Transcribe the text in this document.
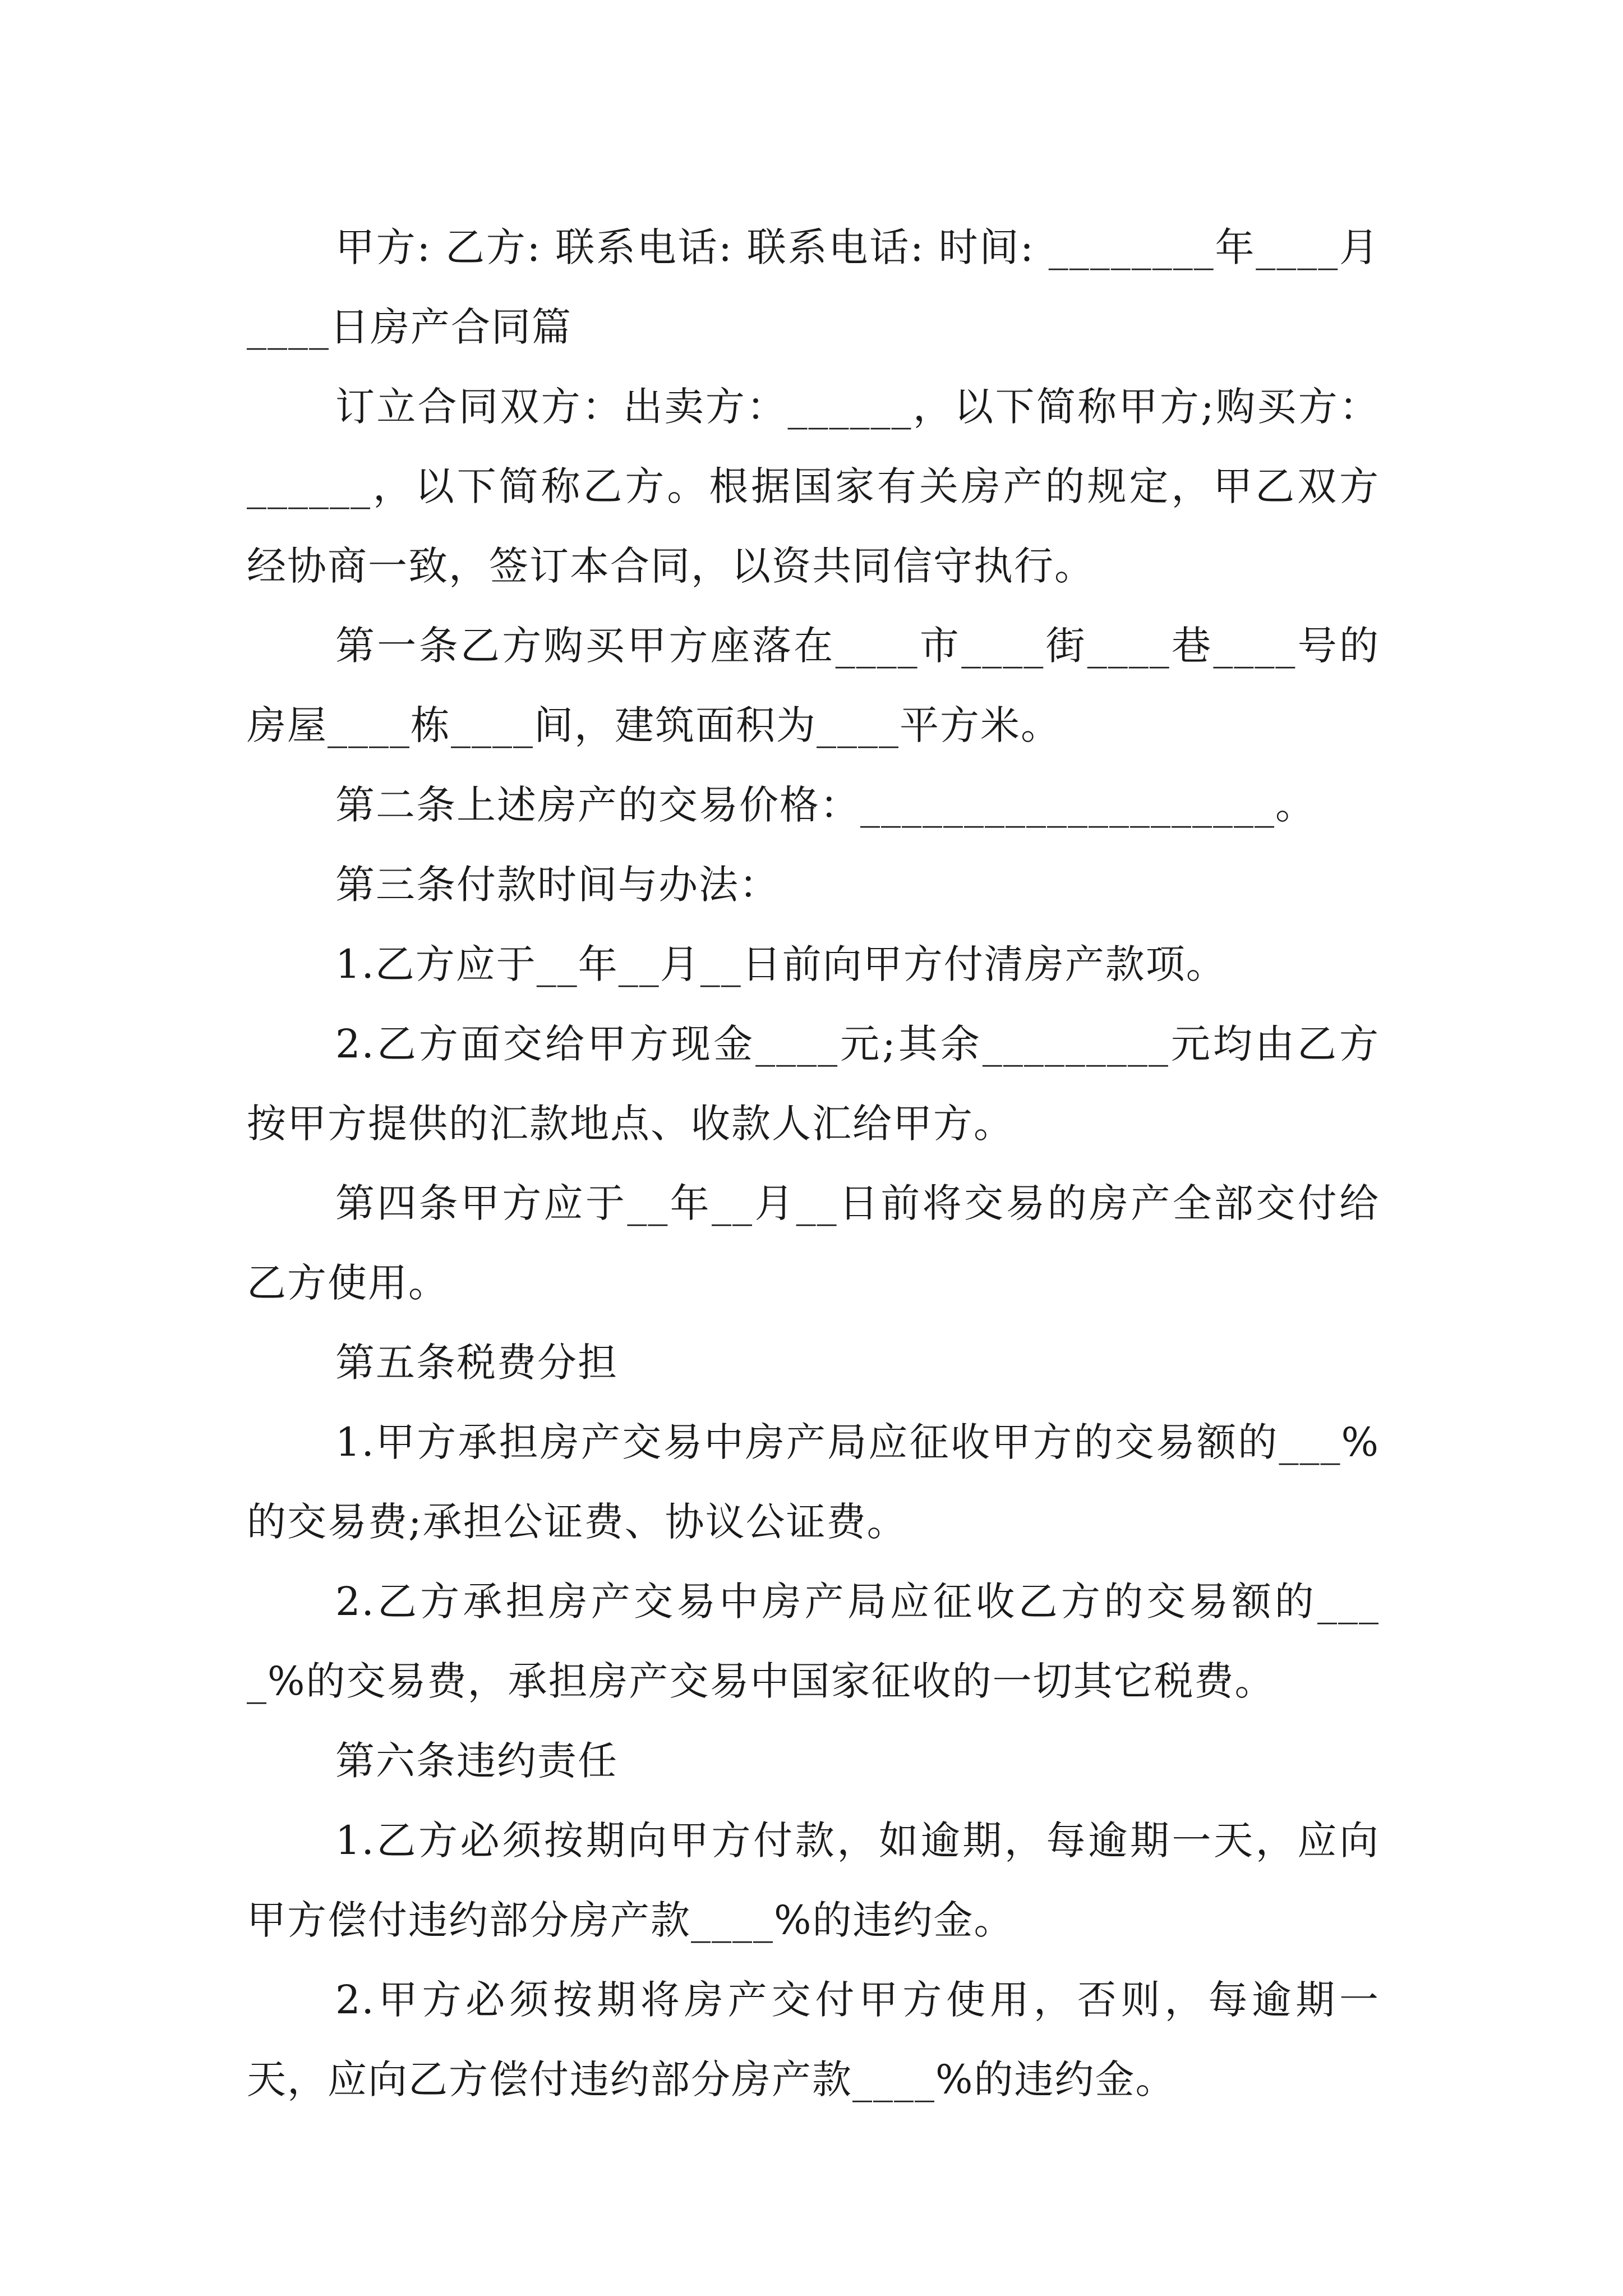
甲方: 乙方: 联系电话: 联系电话: 时间: ________年____月____日房产合同篇

订立合同双方：出卖方：______，以下简称甲方;购买方：______，以下简称乙方。根据国家有关房产的规定，甲乙双方经协商一致，签订本合同，以资共同信守执行。

第一条乙方购买甲方座落在____市____街____巷____号的房屋____栋____间，建筑面积为____平方米。

第二条上述房产的交易价格：____________________。

第三条付款时间与办法：

1.乙方应于__年__月__日前向甲方付清房产款项。

2.乙方面交给甲方现金____元;其余_________元均由乙方按甲方提供的汇款地点、收款人汇给甲方。

第四条甲方应于__年__月__日前将交易的房产全部交付给乙方使用。

第五条税费分担

1.甲方承担房产交易中房产局应征收甲方的交易额的___%的交易费;承担公证费、协议公证费。

2.乙方承担房产交易中房产局应征收乙方的交易额的____%的交易费，承担房产交易中国家征收的一切其它税费。

第六条违约责任

1.乙方必须按期向甲方付款，如逾期，每逾期一天，应向甲方偿付违约部分房产款____%的违约金。

2.甲方必须按期将房产交付甲方使用，否则，每逾期一天，应向乙方偿付违约部分房产款____%的违约金。
